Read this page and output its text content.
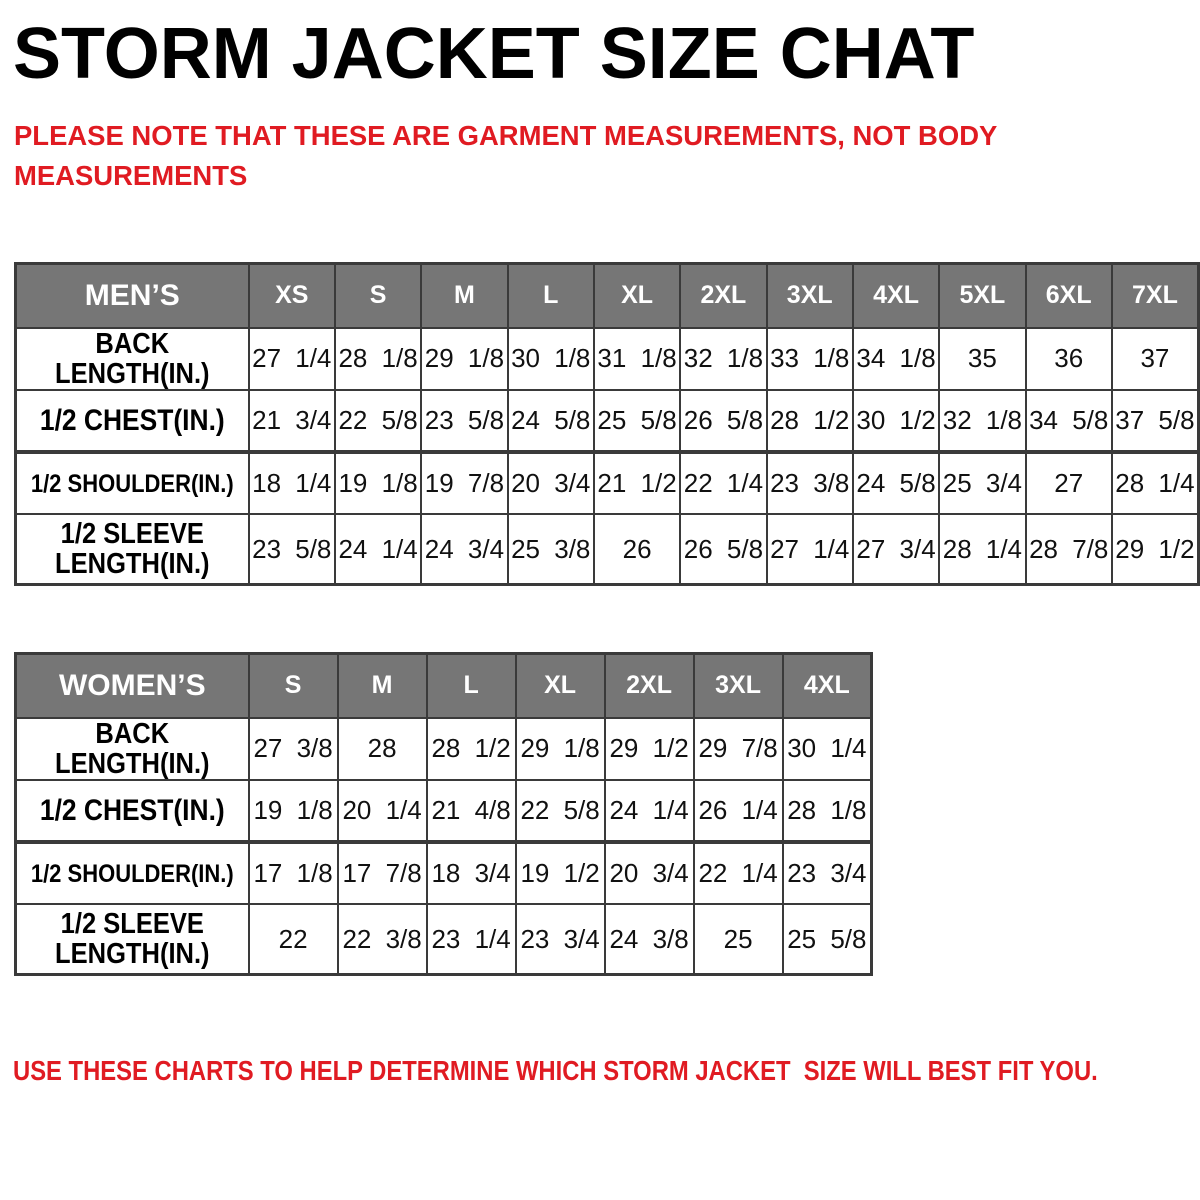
STORM JACKET SIZE CHAT
PLEASE NOTE THAT THESE ARE GARMENT MEASUREMENTS, NOT BODY
MEASUREMENTS
MEN’S	XS	S	M	L	XL	2XL	3XL	4XL	5XL	6XL	7XL

BACK
LENGTH(IN.)	27 1/4	28 1/8	29 1/8	30 1/8	31 1/8	32 1/8	33 1/8	34 1/8	35	36	37

1/2 CHEST(IN.)	21 3/4	22 5/8	23 5/8	24 5/8	25 5/8	26 5/8	28 1/2	30 1/2	32 1/8	34 5/8	37 5/8

1/2 SHOULDER(IN.)	18 1/4	19 1/8	19 7/8	20 3/4	21 1/2	22 1/4	23 3/8	24 5/8	25 3/4	27	28 1/4

1/2 SLEEVE
LENGTH(IN.)	23 5/8	24 1/4	24 3/4	25 3/8	26	26 5/8	27 1/4	27 3/4	28 1/4	28 7/8	29 1/2
WOMEN’S	S	M	L	XL	2XL	3XL	4XL

BACK
LENGTH(IN.)	27 3/8	28	28 1/2	29 1/8	29 1/2	29 7/8	30 1/4

1/2 CHEST(IN.)	19 1/8	20 1/4	21 4/8	22 5/8	24 1/4	26 1/4	28 1/8

1/2 SHOULDER(IN.)	17 1/8	17 7/8	18 3/4	19 1/2	20 3/4	22 1/4	23 3/4

1/2 SLEEVE
LENGTH(IN.)	22	22 3/8	23 1/4	23 3/4	24 3/8	25	25 5/8
USE THESE CHARTS TO HELP DETERMINE WHICH STORM JACKET  SIZE WILL BEST FIT YOU.
